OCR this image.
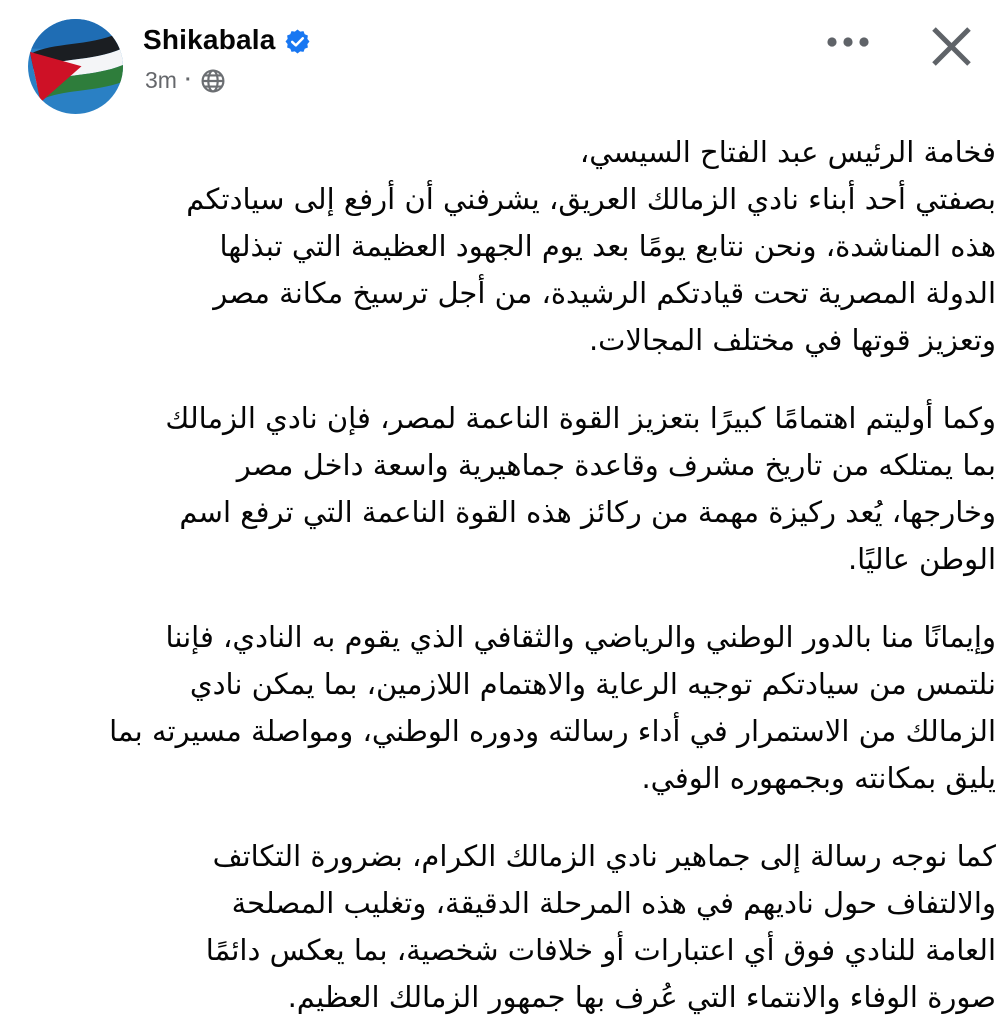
Shikabala
3m ·
فخامة الرئيس عبد الفتاح السيسي،
بصفتي أحد أبناء نادي الزمالك العريق، يشرفني أن أرفع إلى سيادتكم
هذه المناشدة، ونحن نتابع يومًا بعد يوم الجهود العظيمة التي تبذلها
الدولة المصرية تحت قيادتكم الرشيدة، من أجل ترسيخ مكانة مصر
وتعزيز قوتها في مختلف المجالات.
وكما أوليتم اهتمامًا كبيرًا بتعزيز القوة الناعمة لمصر، فإن نادي الزمالك
بما يمتلكه من تاريخ مشرف وقاعدة جماهيرية واسعة داخل مصر
وخارجها، يُعد ركيزة مهمة من ركائز هذه القوة الناعمة التي ترفع اسم
الوطن عاليًا.
وإيمانًا منا بالدور الوطني والرياضي والثقافي الذي يقوم به النادي، فإننا
نلتمس من سيادتكم توجيه الرعاية والاهتمام اللازمين، بما يمكن نادي
الزمالك من الاستمرار في أداء رسالته ودوره الوطني، ومواصلة مسيرته بما
يليق بمكانته وبجمهوره الوفي.
كما نوجه رسالة إلى جماهير نادي الزمالك الكرام، بضرورة التكاتف
والالتفاف حول ناديهم في هذه المرحلة الدقيقة، وتغليب المصلحة
العامة للنادي فوق أي اعتبارات أو خلافات شخصية، بما يعكس دائمًا
صورة الوفاء والانتماء التي عُرف بها جمهور الزمالك العظيم.
